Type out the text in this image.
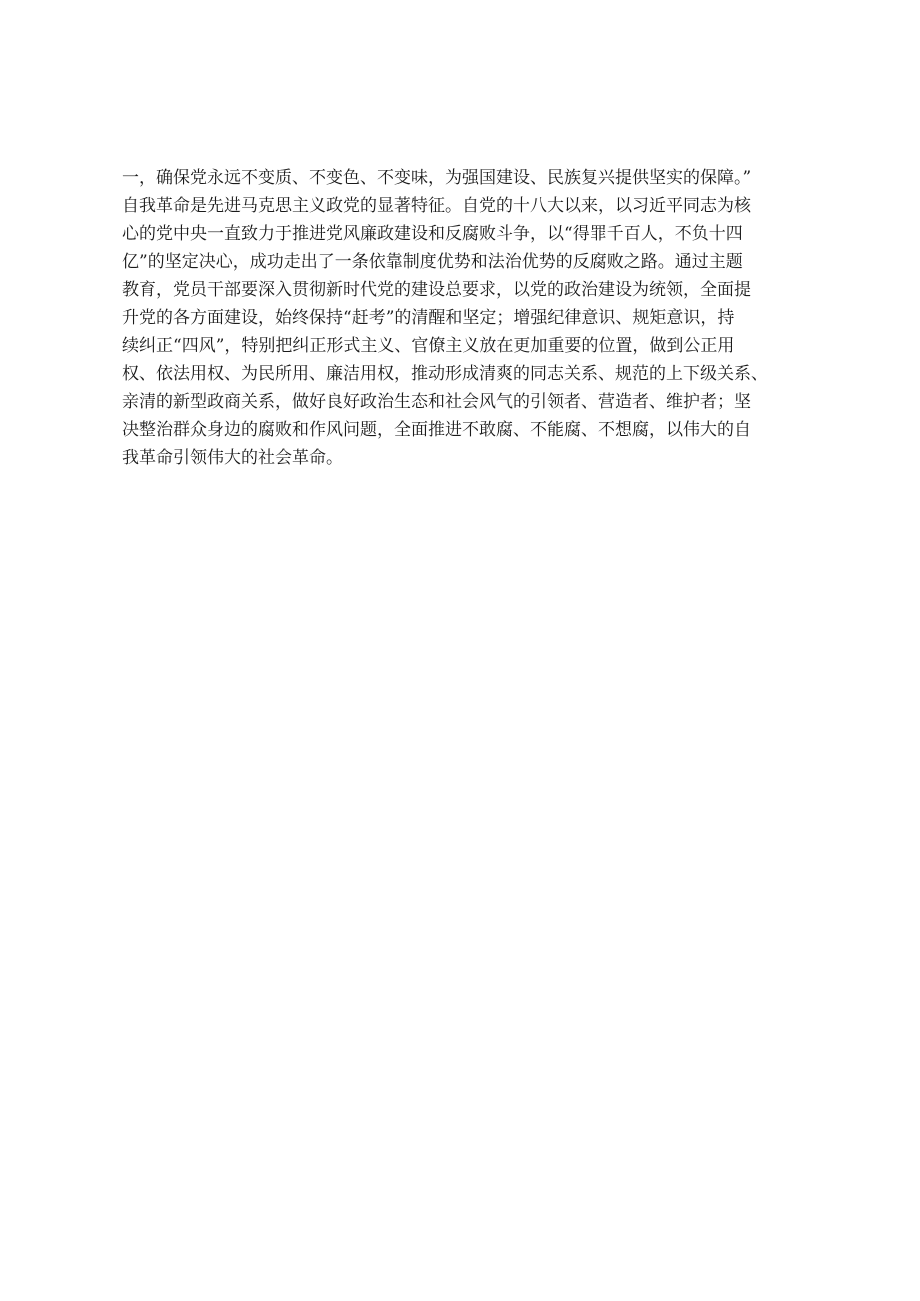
一，确保党永远不变质、不变色、不变味，为强国建设、民族复兴提供坚实的保障。”
自我革命是先进马克思主义政党的显著特征。自党的十八大以来，以习近平同志为核
心的党中央一直致力于推进党风廉政建设和反腐败斗争，以“得罪千百人，不负十四
亿”的坚定决心，成功走出了一条依靠制度优势和法治优势的反腐败之路。通过主题
教育，党员干部要深入贯彻新时代党的建设总要求，以党的政治建设为统领，全面提
升党的各方面建设，始终保持“赶考”的清醒和坚定；增强纪律意识、规矩意识，持
续纠正“四风”，特别把纠正形式主义、官僚主义放在更加重要的位置，做到公正用
权、依法用权、为民所用、廉洁用权，推动形成清爽的同志关系、规范的上下级关系、
亲清的新型政商关系，做好良好政治生态和社会风气的引领者、营造者、维护者；坚
决整治群众身边的腐败和作风问题，全面推进不敢腐、不能腐、不想腐，以伟大的自
我革命引领伟大的社会革命。
